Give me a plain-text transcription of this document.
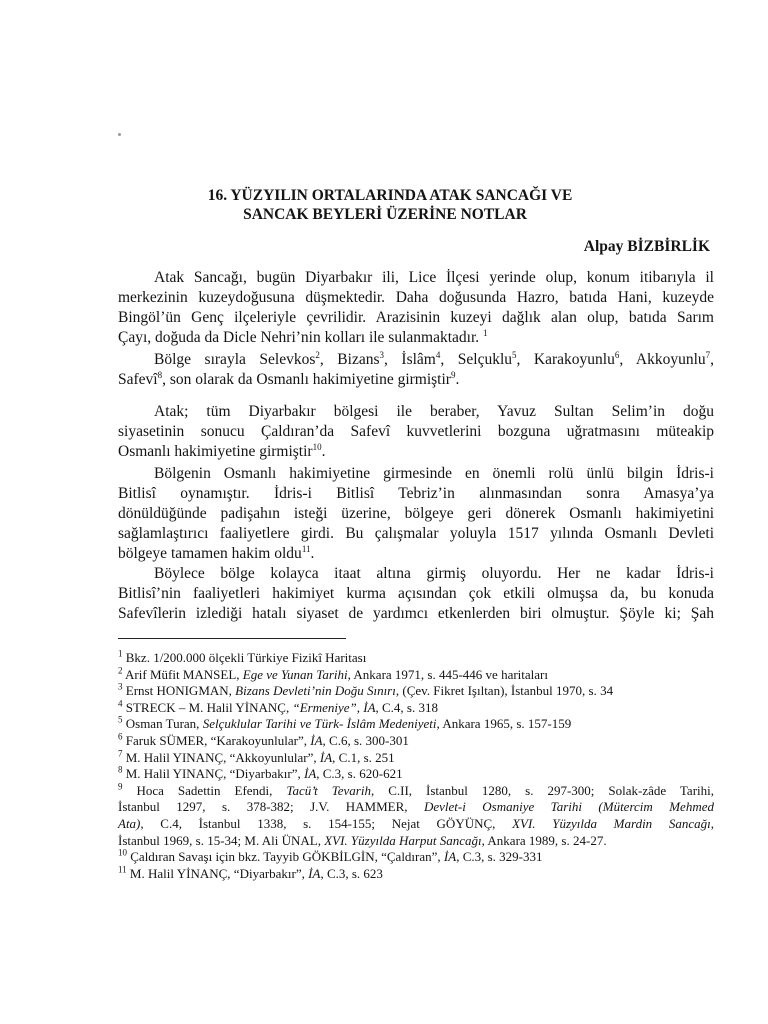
16. YÜZYILIN ORTALARINDA ATAK SANCAĞI VE
SANCAK BEYLERİ ÜZERİNE NOTLAR
Alpay BİZBİRLİK
Atak Sancağı, bugün Diyarbakır ili, Lice İlçesi yerinde olup, konum itibarıyla il
merkezinin kuzeydoğusuna düşmektedir. Daha doğusunda Hazro, batıda Hani, kuzeyde
Bingöl’ün Genç ilçeleriyle çevrilidir. Arazisinin kuzeyi dağlık alan olup, batıda Sarım
Çayı, doğuda da Dicle Nehri’nin kolları ile sulanmaktadır. $^1$
Bölge sırayla Selevkos$^2$, Bizans$^3$, İslâm$^4$, Selçuklu$^5$, Karakoyunlu$^6$, Akkoyunlu$^7$,
Safevî$^8$, son olarak da Osmanlı hakimiyetine girmiştir$^9$.
Atak; tüm Diyarbakır bölgesi ile beraber, Yavuz Sultan Selim’in doğu
siyasetinin sonucu Çaldıran’da Safevî kuvvetlerini bozguna uğratmasını müteakip
Osmanlı hakimiyetine girmiştir$^{10}$.
Bölgenin Osmanlı hakimiyetine girmesinde en önemli rolü ünlü bilgin İdris-i
Bitlisî oynamıştır. İdris-i Bitlisî Tebriz’in alınmasından sonra Amasya’ya
dönüldüğünde padişahın isteği üzerine, bölgeye geri dönerek Osmanlı hakimiyetini
sağlamlaştırıcı faaliyetlere girdi. Bu çalışmalar yoluyla 1517 yılında Osmanlı Devleti
bölgeye tamamen hakim oldu$^{11}$.
Böylece bölge kolayca itaat altına girmiş oluyordu. Her ne kadar İdris-i
Bitlisî’nin faaliyetleri hakimiyet kurma açısından çok etkili olmuşsa da, bu konuda
Safevîlerin izlediği hatalı siyaset de yardımcı etkenlerden biri olmuştur. Şöyle ki; Şah
$^1$ Bkz. 1/200.000 ölçekli Türkiye Fizikî Haritası
$^2$ Arif Müfit MANSEL, Ege ve Yunan Tarihi, Ankara 1971, s. 445-446 ve haritaları
$^3$ Ernst HONIGMAN, Bizans Devleti’nin Doğu Sınırı, (Çev. Fikret Işıltan), İstanbul 1970, s. 34
$^4$ STRECK – M. Halil YİNANÇ, “Ermeniye”, İA, C.4, s. 318
$^5$ Osman Turan, Selçuklular Tarihi ve Türk- İslâm Medeniyeti, Ankara 1965, s. 157-159
$^6$ Faruk SÜMER, “Karakoyunlular”, İA, C.6, s. 300-301
$^7$ M. Halil YINANÇ, “Akkoyunlular”, İA, C.1, s. 251
$^8$ M. Halil YINANÇ, “Diyarbakır”, İA, C.3, s. 620-621
$^9$ Hoca Sadettin Efendi, Tacü’t Tevarih, C.II, İstanbul 1280, s. 297-300; Solak-zâde Tarihi,
İstanbul 1297, s. 378-382; J.V. HAMMER, Devlet-i Osmaniye Tarihi (Mütercim Mehmed
Ata), C.4, İstanbul 1338, s. 154-155; Nejat GÖYÜNÇ, XVI. Yüzyılda Mardin Sancağı,
İstanbul 1969, s. 15-34; M. Ali ÜNAL, XVI. Yüzyılda Harput Sancağı, Ankara 1989, s. 24-27.
$^{10}$ Çaldıran Savaşı için bkz. Tayyib GÖKBİLGİN, “Çaldıran”, İA, C.3, s. 329-331
$^{11}$ M. Halil YİNANÇ, “Diyarbakır”, İA, C.3, s. 623
